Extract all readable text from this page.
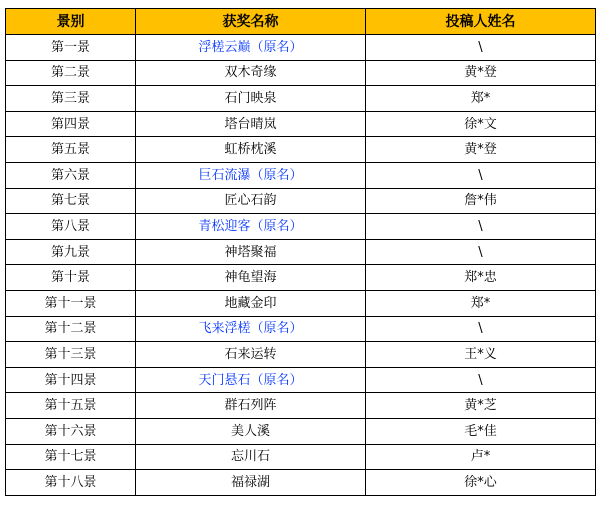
景别	获奖名称	投稿人姓名
第一景	浮槎云巅（原名）	\
第二景	双木奇缘	黄*登
第三景	石门映泉	郑*
第四景	塔台晴岚	徐*文
第五景	虹桥枕溪	黄*登
第六景	巨石流瀑（原名）	\
第七景	匠心石韵	詹*伟
第八景	青松迎客（原名）	\
第九景	神塔聚福	\
第十景	神龟望海	郑*忠
第十一景	地藏金印	郑*
第十二景	飞来浮槎（原名）	\
第十三景	石来运转	王*义
第十四景	天门悬石（原名）	\
第十五景	群石列阵	黄*芝
第十六景	美人溪	毛*佳
第十七景	忘川石	卢*
第十八景	福禄湖	徐*心
